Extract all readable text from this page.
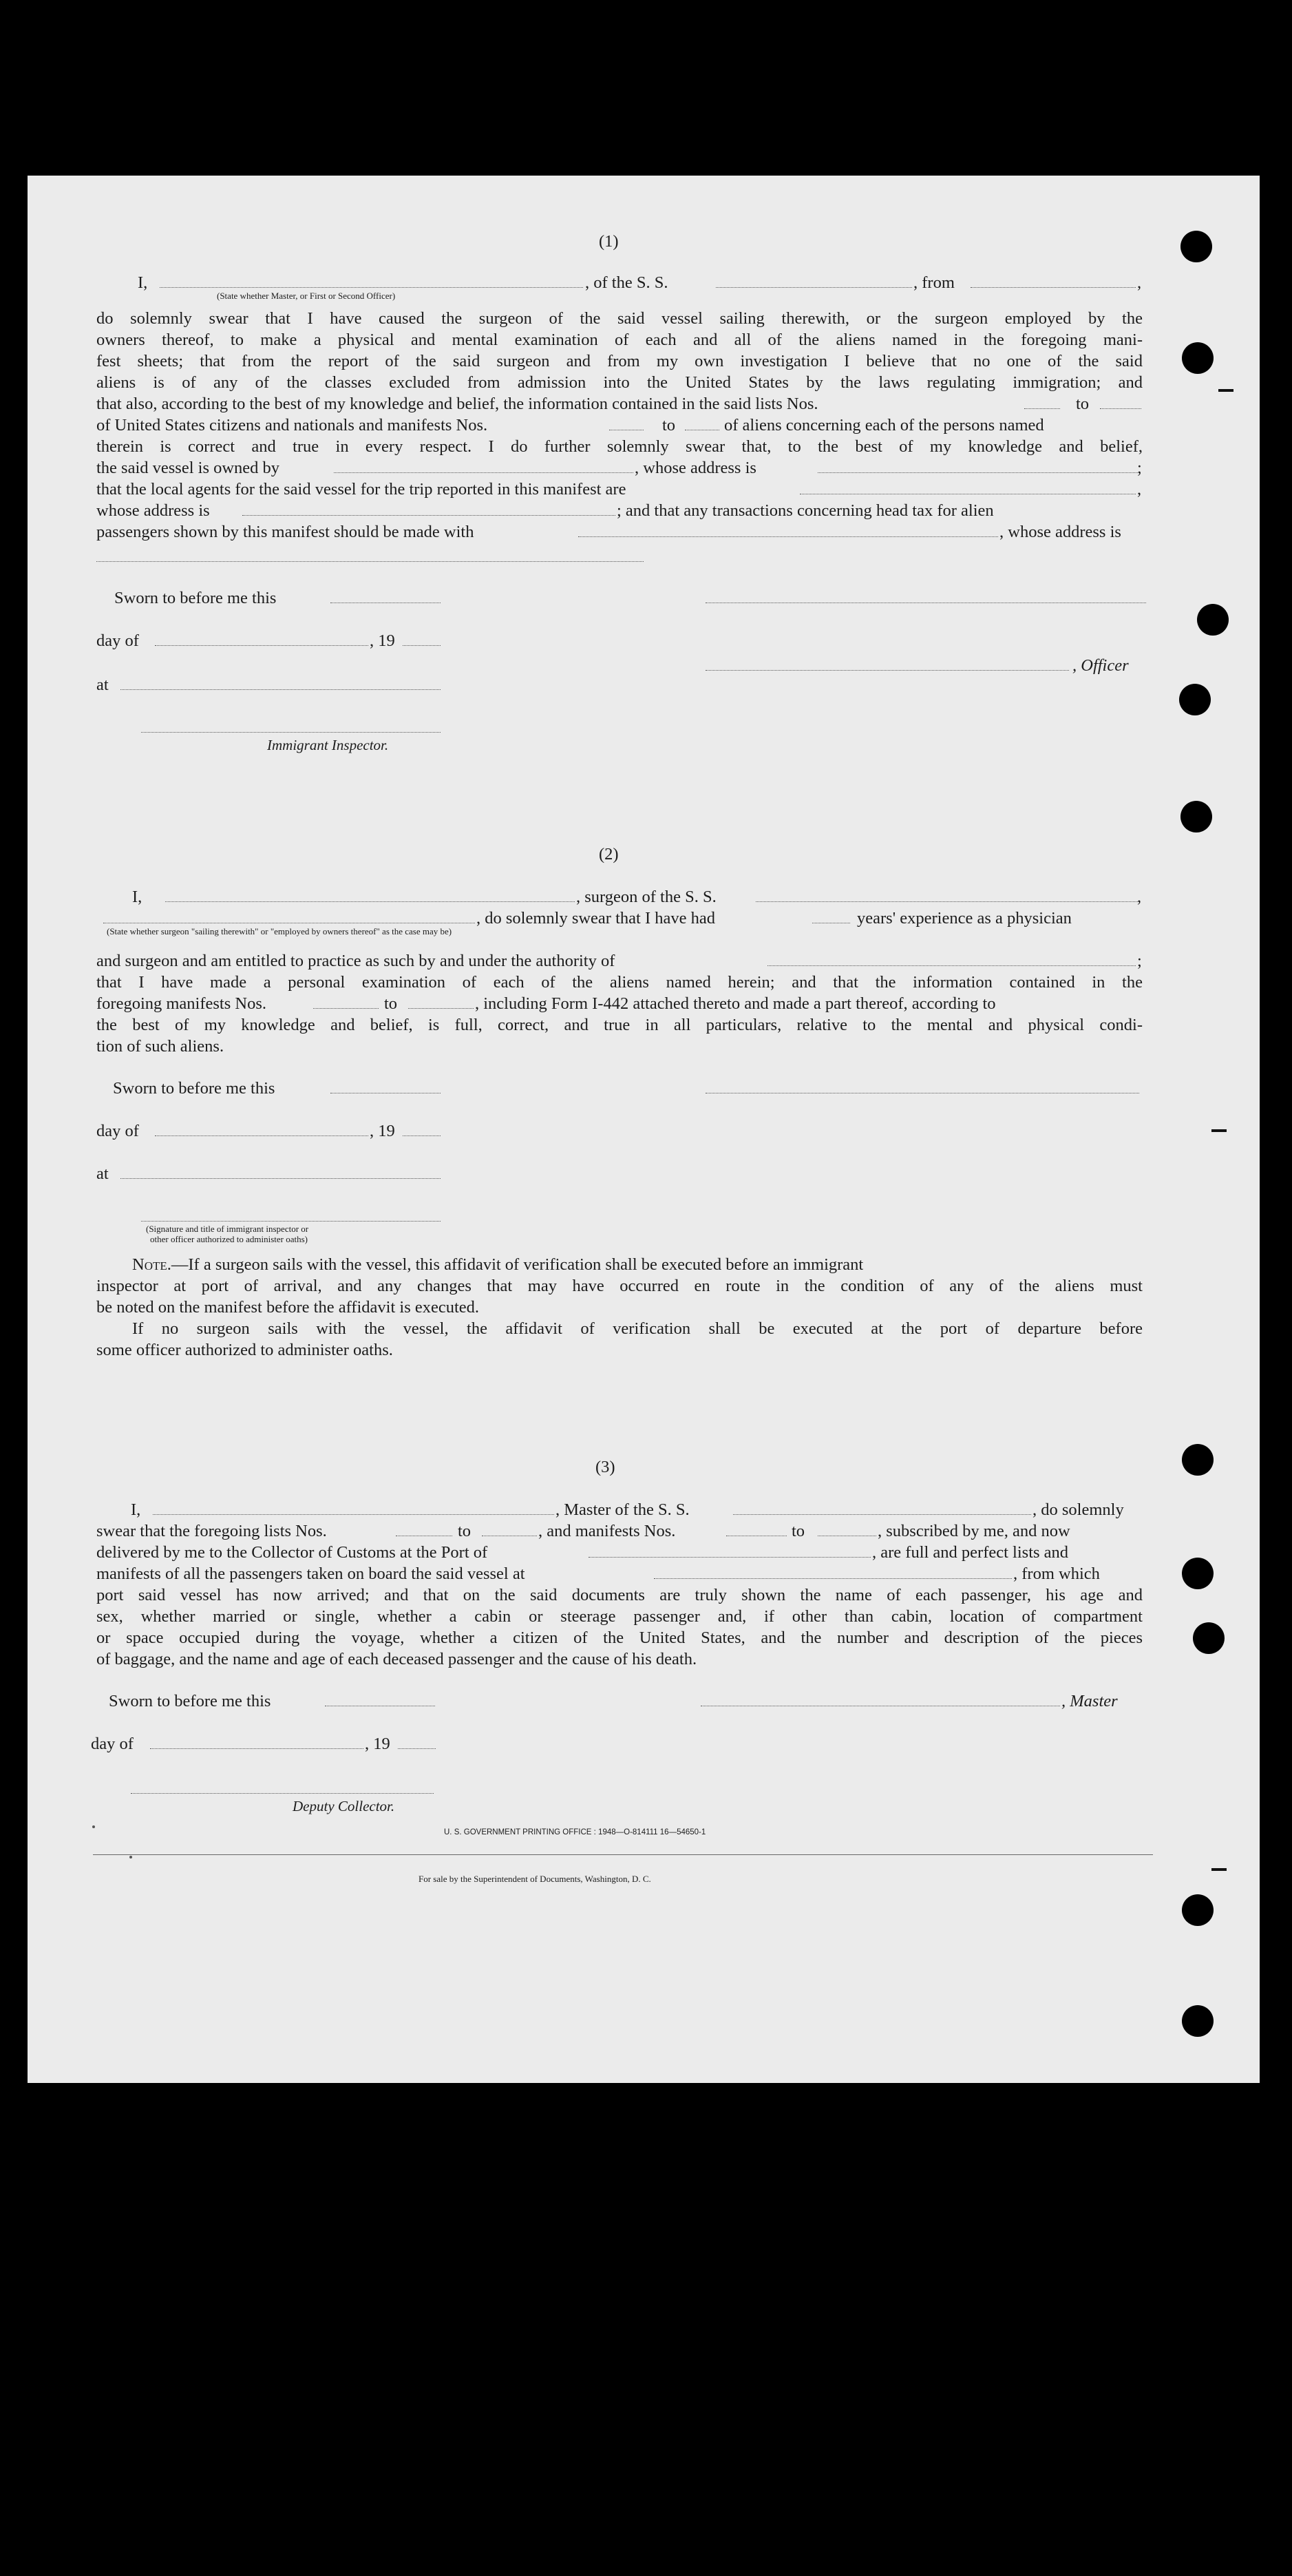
(1)
I,	, of the S. S.	, from	,
(State whether Master, or First or Second Officer)
do solemnly swear that I have caused the surgeon of the said vessel sailing therewith, or the surgeon employed by the
owners thereof, to make a physical and mental examination of each and all of the aliens named in the foregoing mani-
fest sheets; that from the report of the said surgeon and from my own investigation I believe that no one of the said
aliens is of any of the classes excluded from admission into the United States by the laws regulating immigration; and
that also, according to the best of my knowledge and belief, the information contained in the said lists Nos.	to
of United States citizens and nationals and manifests Nos.	to	of aliens concerning each of the persons named
therein is correct and true in every respect. I do further solemnly swear that, to the best of my knowledge and belief,
the said vessel is owned by	, whose address is	;
that the local agents for the said vessel for the trip reported in this manifest are	,
whose address is	; and that any transactions concerning head tax for alien
passengers shown by this manifest should be made with	, whose address is
Sworn to before me this
day of	, 19
, Officer
at
Immigrant Inspector.
(2)
I,	, surgeon of the S. S.	,
, do solemnly swear that I have had	years' experience as a physician
(State whether surgeon "sailing therewith" or "employed by owners thereof" as the case may be)
and surgeon and am entitled to practice as such by and under the authority of	;
that I have made a personal examination of each of the aliens named herein; and that the information contained in the
foregoing manifests Nos.	to	, including Form I-442 attached thereto and made a part thereof, according to
the best of my knowledge and belief, is full, correct, and true in all particulars, relative to the mental and physical condi-
tion of such aliens.
Sworn to before me this
day of	, 19
at
(Signature and title of immigrant inspector or
other officer authorized to administer oaths)
Note.—If a surgeon sails with the vessel, this affidavit of verification shall be executed before an immigrant
inspector at port of arrival, and any changes that may have occurred en route in the condition of any of the aliens must
be noted on the manifest before the affidavit is executed.
If no surgeon sails with the vessel, the affidavit of verification shall be executed at the port of departure before
some officer authorized to administer oaths.
(3)
I,	, Master of the S. S.	, do solemnly
swear that the foregoing lists Nos.	to	, and manifests Nos.	to	, subscribed by me, and now
delivered by me to the Collector of Customs at the Port of	, are full and perfect lists and
manifests of all the passengers taken on board the said vessel at	, from which
port said vessel has now arrived; and that on the said documents are truly shown the name of each passenger, his age and
sex, whether married or single, whether a cabin or steerage passenger and, if other than cabin, location of compartment
or space occupied during the voyage, whether a citizen of the United States, and the number and description of the pieces
of baggage, and the name and age of each deceased passenger and the cause of his death.
Sworn to before me this	, Master
day of	, 19
Deputy Collector.
U. S. GOVERNMENT PRINTING OFFICE : 1948—O-814111 16—54650-1
For sale by the Superintendent of Documents, Washington, D. C.
